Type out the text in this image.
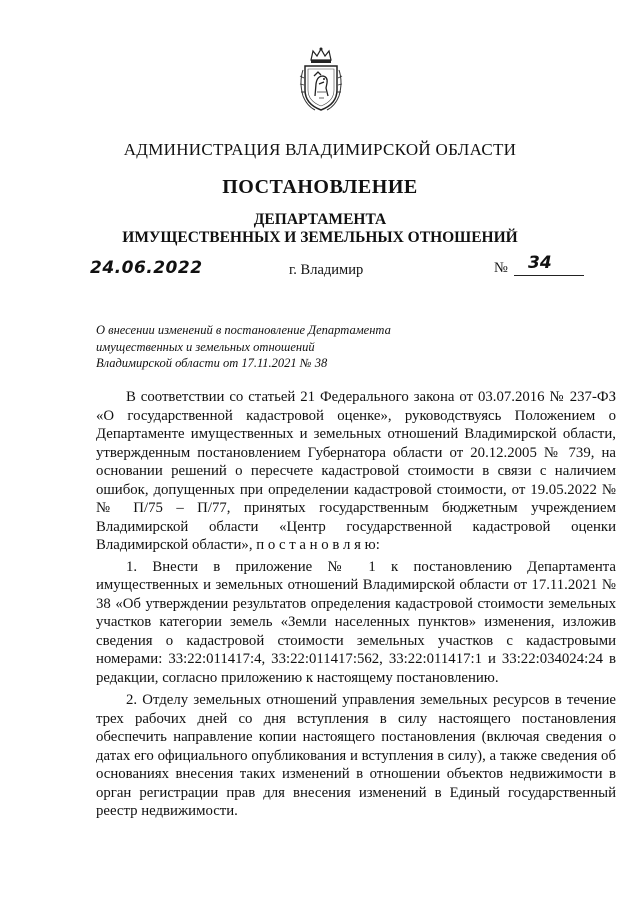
АДМИНИСТРАЦИЯ ВЛАДИМИРСКОЙ ОБЛАСТИ
ПОСТАНОВЛЕНИЕ
ДЕПАРТАМЕНТА
ИМУЩЕСТВЕННЫХ И ЗЕМЕЛЬНЫХ ОТНОШЕНИЙ
24.06.2022	г. Владимир	№ 34
О внесении изменений в постановление Департамента
имущественных и земельных отношений
Владимирской области от 17.11.2021 № 38

В соответствии со статьей 21 Федерального закона от 03.07.2016 № 237-ФЗ «О государственной кадастровой оценке», руководствуясь Положением о Департаменте имущественных и земельных отношений Владимирской области, утвержденным постановлением Губернатора области от 20.12.2005 № 739, на основании решений о пересчете кадастровой стоимости в связи с наличием ошибок, допущенных при определении кадастровой стоимости, от 19.05.2022 №№ П/75 – П/77, принятых государственным бюджетным учреждением Владимирской области «Центр государственной кадастровой оценки Владимирской области», п о с т а н о в л я ю:

1. Внести в приложение № 1 к постановлению Департамента имущественных и земельных отношений Владимирской области от 17.11.2021 № 38 «Об утверждении результатов определения кадастровой стоимости земельных участков категории земель «Земли населенных пунктов» изменения, изложив сведения о кадастровой стоимости земельных участков с кадастровыми номерами: 33:22:011417:4, 33:22:011417:562, 33:22:011417:1 и 33:22:034024:24 в редакции, согласно приложению к настоящему постановлению.

2. Отделу земельных отношений управления земельных ресурсов в течение трех рабочих дней со дня вступления в силу настоящего постановления обеспечить направление копии настоящего постановления (включая сведения о датах его официального опубликования и вступления в силу), а также сведения об основаниях внесения таких изменений в отношении объектов недвижимости в орган регистрации прав для внесения изменений в Единый государственный реестр недвижимости.
